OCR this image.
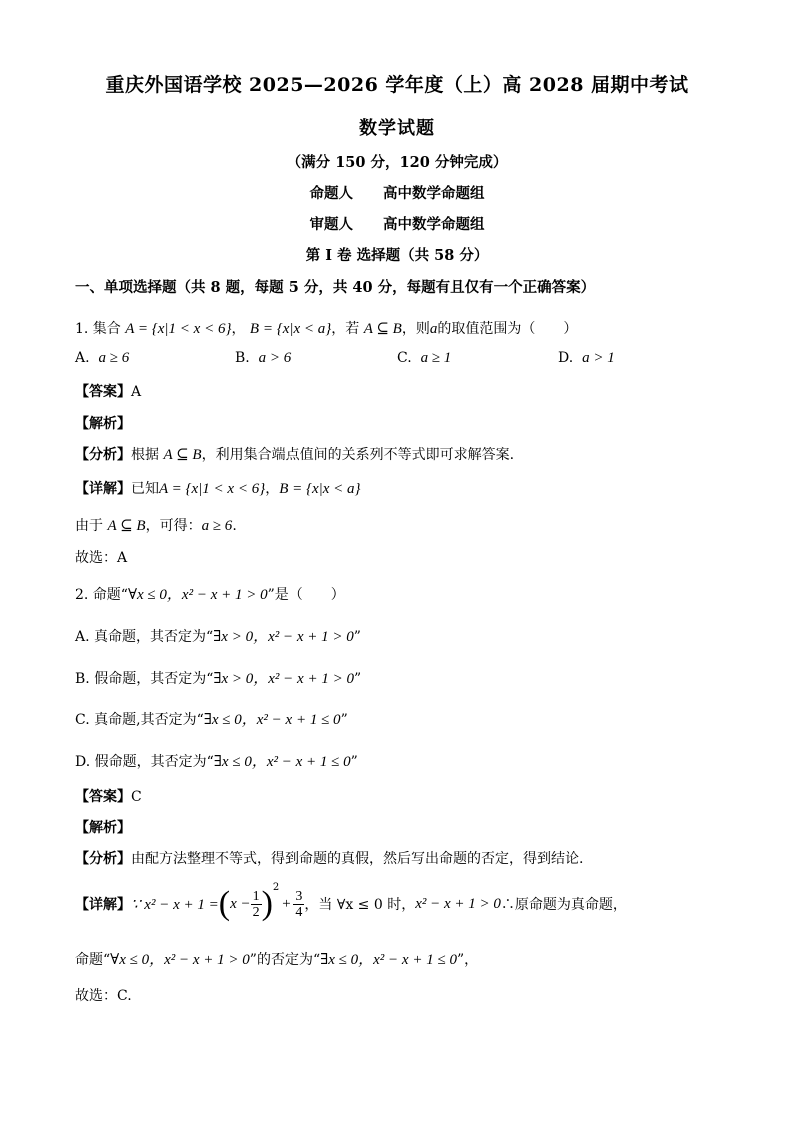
重庆外国语学校 2025—2026 学年度（上）高 2028 届期中考试
数学试题
（满分 150 分，120 分钟完成）
命题人 高中数学命题组
审题人 高中数学命题组
第 I 卷 选择题（共 58 分）
一、单项选择题（共 8 题，每题 5 分，共 40 分，每题有且仅有一个正确答案）
1. 集合 A = {x|1 < x < 6}， B = {x|x < a}，若 A ⊆ B，则a的取值范围为（　　）
A. a ≥ 6	B. a > 6	C. a ≥ 1	D. a > 1
【答案】A
【解析】
【分析】根据 A ⊆ B，利用集合端点值间的关系列不等式即可求解答案.
【详解】已知A = {x|1 < x < 6}，B = {x|x < a}
由于 A ⊆ B，可得：a ≥ 6.
故选：A
2. 命题“∀x ≤ 0，x² − x + 1 > 0”是（　　）
A. 真命题，其否定为“∃x > 0，x² − x + 1 > 0”
B. 假命题，其否定为“∃x > 0，x² − x + 1 > 0”
C. 真命题,其否定为“∃x ≤ 0，x² − x + 1 ≤ 0”
D. 假命题，其否定为“∃x ≤ 0，x² − x + 1 ≤ 0”
【答案】C
【解析】
【分析】由配方法整理不等式，得到命题的真假，然后写出命题的否定，得到结论.
【详解】 ∵ x² − x + 1 = ( $x - \frac{1}{2} )^2$
+ $\frac{3}{4}$ ，当 ∀x ≤ 0 时， x² − x + 1 > 0 ∴原命题为真命题，
命题“∀x ≤ 0，x² − x + 1 > 0”的否定为“∃x ≤ 0，x² − x + 1 ≤ 0”，
故选：C.
